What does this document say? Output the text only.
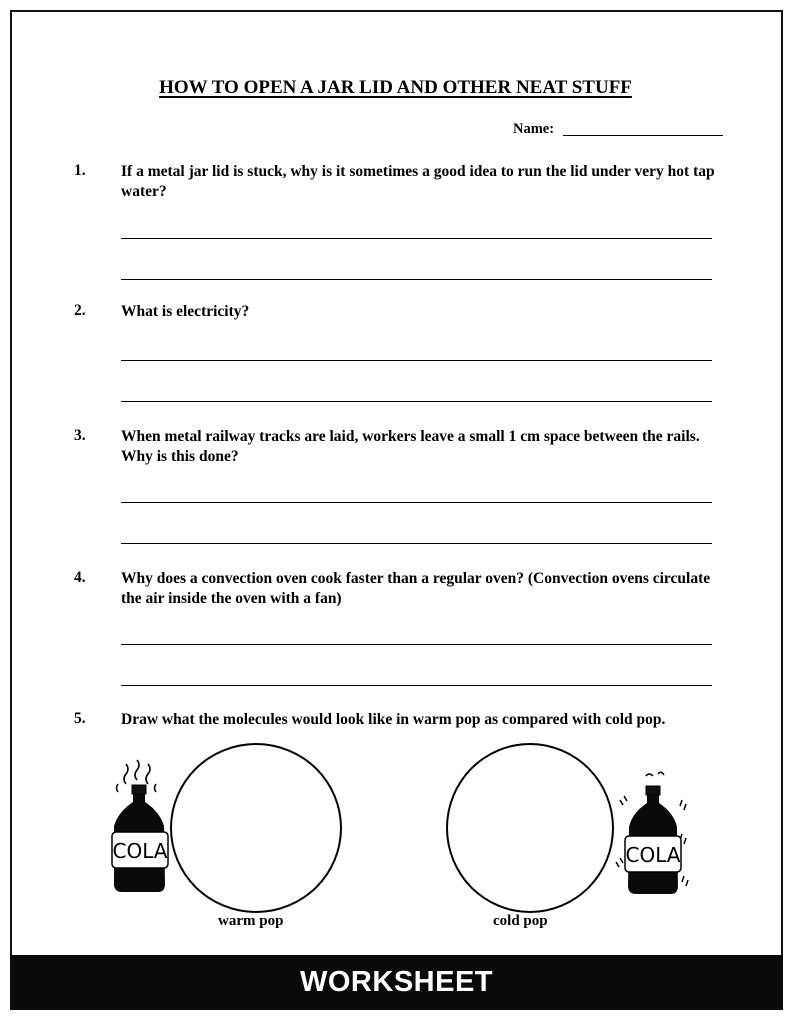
HOW TO OPEN A JAR LID AND OTHER NEAT STUFF
Name:
1. If a metal jar lid is stuck, why is it sometimes a good idea to run the lid under very hot tap water?
2. What is electricity?
3. When metal railway tracks are laid, workers leave a small 1 cm space between the rails. Why is this done?
4. Why does a convection oven cook faster than a regular oven? (Convection ovens circulate the air inside the oven with a fan)
5. Draw what the molecules would look like in warm pop as compared with cold pop.
COLA
warm pop	cold pop
COLA
WORKSHEET
